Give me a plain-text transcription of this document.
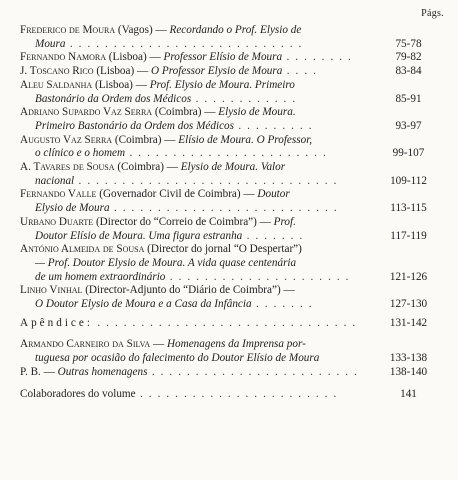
Págs.
Frederico de Moura (Vagos) — Recordando o Prof. Elysio de
Moura . . . . . . . . . . . . . . . . . . . . . . . . . . .	75-78
Fernando Namora (Lisboa) — Professor Elísio de Moura . . . . . . . .	79-82
J. Toscano Rico (Lisboa) — O Professor Elysio de Moura . . . .	83-84
Aleu Saldanha (Lisboa) — Prof. Elysio de Moura. Primeiro
Bastonário da Ordem dos Médicos . . . . . . . . . . . .	85-91
Adriano Supardo Vaz Serra (Coimbra) — Elysio de Moura.
Primeiro Bastonário da Ordem dos Médicos . . . . . . . . .	93-97
Augusto Vaz Serra (Coimbra) — Elísio de Moura. O Professor,
o clínico e o homem . . . . . . . . . . . . . . . . . . . . . . .	99-107
A. Tavares de Sousa (Coimbra) — Elysio de Moura. Valor
nacional . . . . . . . . . . . . . . . . . . . . . . . . . . . . . .	109-112
Fernando Valle (Governador Civil de Coimbra) — Doutor
Elysio de Moura . . . . . . . . . . . . . . . . . . . . . . . . . .	113-115
Urbano Duarte (Director do “Correio de Coimbra”) — Prof.
Doutor Elísio de Moura. Uma figura estranha . . . . . . .	117-119
António Almeida de Sousa (Director do jornal “O Despertar”)
— Prof. Doutor Elysio de Moura. A vida quase centenária
de um homem extraordinário . . . . . . . . . . . . . . . . . . . . .	121-126
Linho Vinhal (Director-Adjunto do “Diário de Coimbra”) —
O Doutor Elysio de Moura e a Casa da Infância . . . . . . .	127-130
Apêndice: . . . . . . . . . . . . . . . . . . . . . . . . . . . . . .	131-142
Armando Carneiro da Silva — Homenagens da Imprensa por-
tuguesa por ocasião do falecimento do Doutor Elísio de Moura	133-138
P. B. — Outras homenagens . . . . . . . . . . . . . . . . . . . . . . . .	138-140
Colaboradores do volume . . . . . . . . . . . . . . . . . . . . . . .	141
